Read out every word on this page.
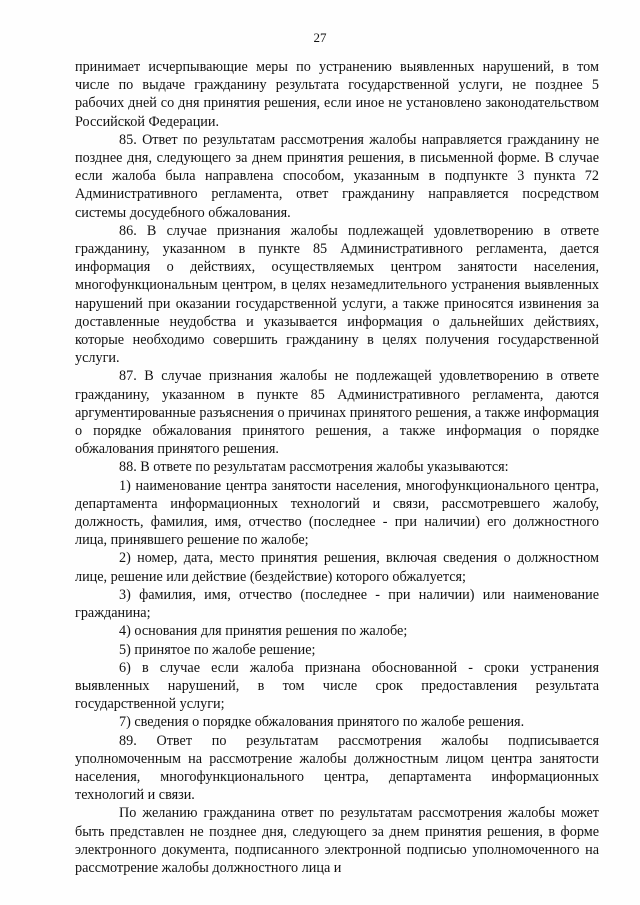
27

принимает исчерпывающие меры по устранению выявленных нарушений, в том числе по выдаче гражданину результата государственной услуги, не позднее 5 рабочих дней со дня принятия решения, если иное не установлено законодательством Российской Федерации.

85. Ответ по результатам рассмотрения жалобы направляется гражданину не позднее дня, следующего за днем принятия решения, в письменной форме. В случае если жалоба была направлена способом, указанным в подпункте 3 пункта 72 Административного регламента, ответ гражданину направляется посредством системы досудебного обжалования.

86. В случае признания жалобы подлежащей удовлетворению в ответе гражданину, указанном в пункте 85 Административного регламента, дается информация о действиях, осуществляемых центром занятости населения, многофункциональным центром, в целях незамедлительного устранения выявленных нарушений при оказании государственной услуги, а также приносятся извинения за доставленные неудобства и указывается информация о дальнейших действиях, которые необходимо совершить гражданину в целях получения государственной услуги.

87. В случае признания жалобы не подлежащей удовлетворению в ответе гражданину, указанном в пункте 85 Административного регламента, даются аргументированные разъяснения о причинах принятого решения, а также информация о порядке обжалования принятого решения, а также информация о порядке обжалования принятого решения.

88. В ответе по результатам рассмотрения жалобы указываются:

1) наименование центра занятости населения, многофункционального центра, департамента информационных технологий и связи, рассмотревшего жалобу, должность, фамилия, имя, отчество (последнее - при наличии) его должностного лица, принявшего решение по жалобе;

2) номер, дата, место принятия решения, включая сведения о должностном лице, решение или действие (бездействие) которого обжалуется;

3) фамилия, имя, отчество (последнее - при наличии) или наименование гражданина;

4) основания для принятия решения по жалобе;

5) принятое по жалобе решение;

6) в случае если жалоба признана обоснованной - сроки устранения выявленных нарушений, в том числе срок предоставления результата государственной услуги;

7) сведения о порядке обжалования принятого по жалобе решения.

89. Ответ по результатам рассмотрения жалобы подписывается уполномоченным на рассмотрение жалобы должностным лицом центра занятости населения, многофункционального центра, департамента информационных технологий и связи.

По желанию гражданина ответ по результатам рассмотрения жалобы может быть представлен не позднее дня, следующего за днем принятия решения, в форме электронного документа, подписанного электронной подписью уполномоченного на рассмотрение жалобы должностного лица и
